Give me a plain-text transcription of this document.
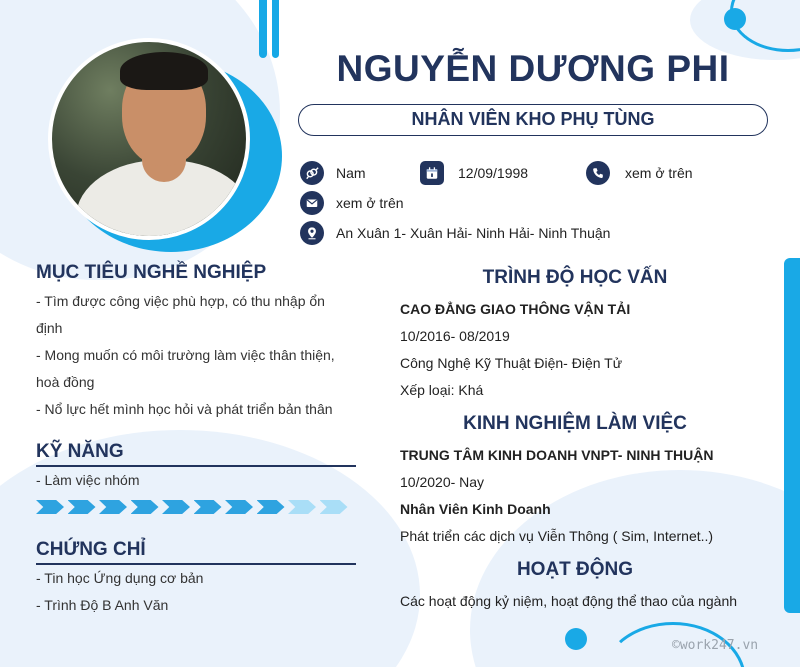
NGUYỄN DƯƠNG PHI
NHÂN VIÊN KHO PHỤ TÙNG
Nam	12/09/1998	xem ở trên
xem ở trên
An Xuân 1- Xuân Hải- Ninh Hải- Ninh Thuận
MỤC TIÊU NGHỀ NGHIỆP
- Tìm được công việc phù hợp, có thu nhập ổn
định
- Mong muốn có môi trường làm việc thân thiện,
hoà đồng
- Nổ lực hết mình học hỏi và phát triển bản thân
KỸ NĂNG
- Làm việc nhóm
CHỨNG CHỈ
- Tin học Ứng dụng cơ bản
- Trình Độ B Anh Văn
TRÌNH ĐỘ HỌC VẤN
CAO ĐẲNG GIAO THÔNG VẬN TẢI
10/2016- 08/2019
Công Nghệ Kỹ Thuật Điện- Điện Tử
Xếp loại: Khá
KINH NGHIỆM LÀM VIỆC
TRUNG TÂM KINH DOANH VNPT- NINH THUẬN
10/2020- Nay
Nhân Viên Kinh Doanh
Phát triển các dịch vụ Viễn Thông ( Sim, Internet..)
HOẠT ĐỘNG
Các hoạt động kỷ niệm, hoạt động thể thao của ngành
©work247.vn
